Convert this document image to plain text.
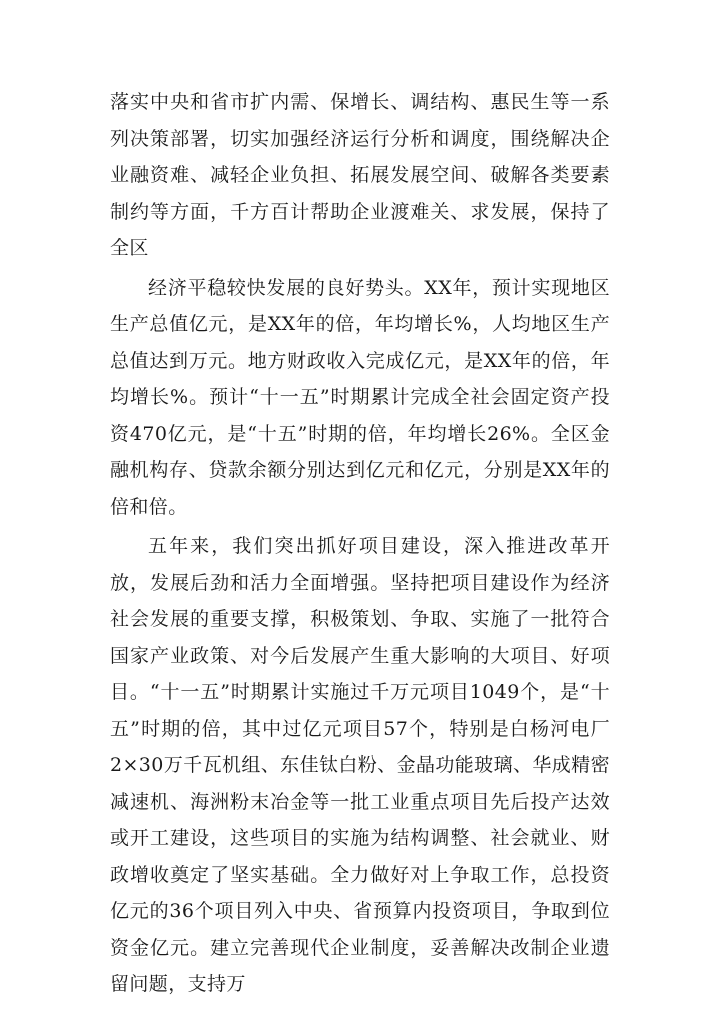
落实中央和省市扩内需、保增长、调结构、惠民生等一系列决策部署，切实加强经济运行分析和调度，围绕解决企业融资难、减轻企业负担、拓展发展空间、破解各类要素制约等方面，千方百计帮助企业渡难关、求发展，保持了全区

经济平稳较快发展的良好势头。XX年，预计实现地区生产总值亿元，是XX年的倍，年均增长%，人均地区生产总值达到万元。地方财政收入完成亿元，是XX年的倍，年均增长%。预计“十一五”时期累计完成全社会固定资产投资470亿元，是“十五”时期的倍，年均增长26%。全区金融机构存、贷款余额分别达到亿元和亿元，分别是XX年的倍和倍。

五年来，我们突出抓好项目建设，深入推进改革开放，发展后劲和活力全面增强。坚持把项目建设作为经济社会发展的重要支撑，积极策划、争取、实施了一批符合国家产业政策、对今后发展产生重大影响的大项目、好项目。“十一五”时期累计实施过千万元项目1049个，是“十五”时期的倍，其中过亿元项目57个，特别是白杨河电厂2×30万千瓦机组、东佳钛白粉、金晶功能玻璃、华成精密减速机、海洲粉末冶金等一批工业重点项目先后投产达效或开工建设，这些项目的实施为结构调整、社会就业、财政增收奠定了坚实基础。全力做好对上争取工作，总投资亿元的36个项目列入中央、省预算内投资项目，争取到位资金亿元。建立完善现代企业制度，妥善解决改制企业遗留问题，支持万
